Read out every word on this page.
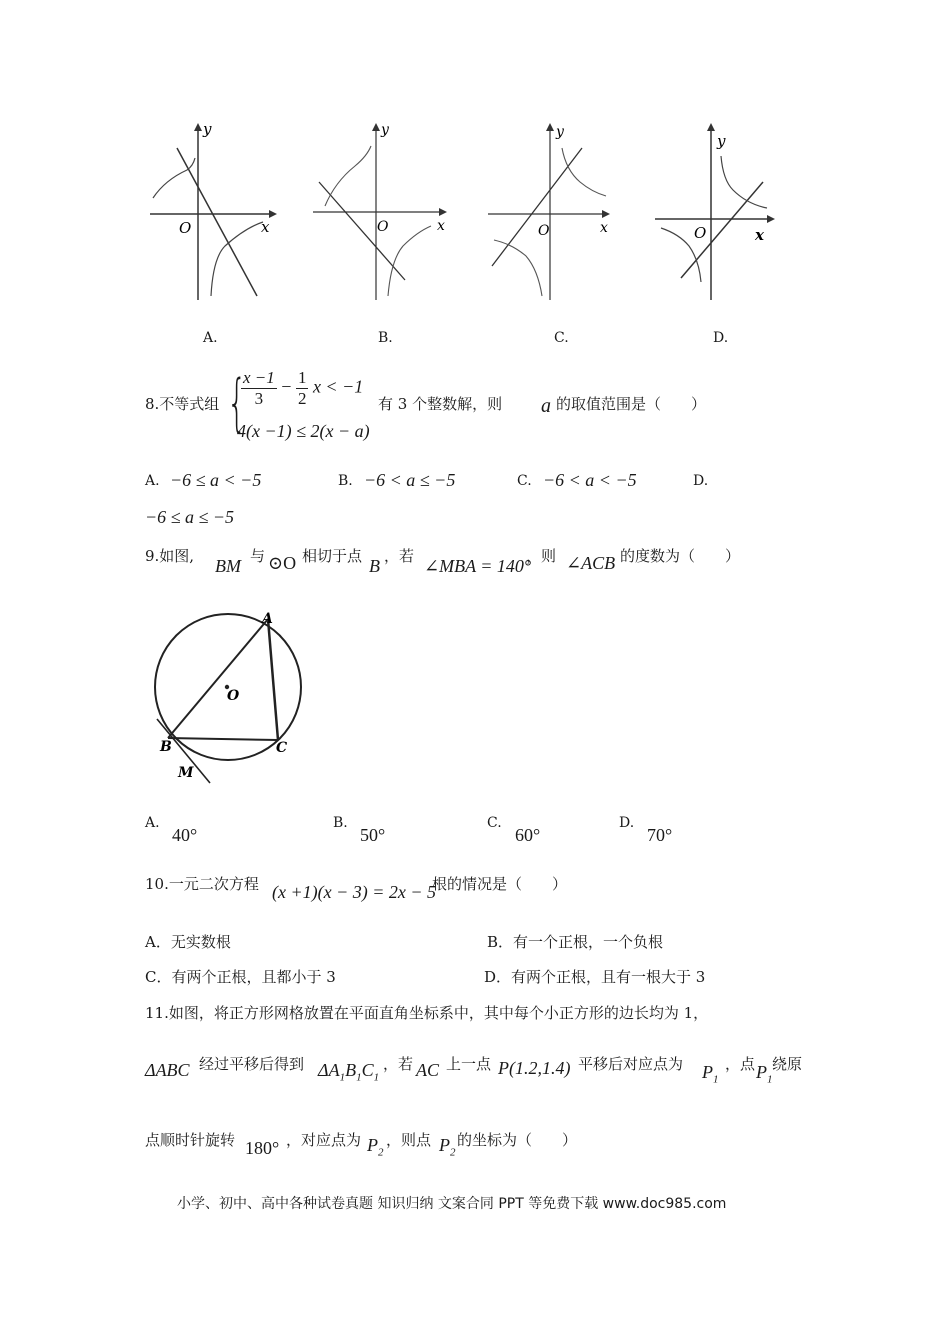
x
y
O	x
y
O	x
y
O	x
y
O
A.	B.	C.	D.
8.不等式组 {
$\frac{x -1}{3} - \frac{1}{2}$ x < −1
4(x −1) ≤ 2(x − a)
有 3 个整数解，则 a 的取值范围是（　　）
A. −6 ≤ a < −5	B. −6 < a ≤ −5	C. −6 < a < −5	D.
−6 ≤ a ≤ −5
9.如图, BM 与 ⊙O 相切于点 B ，若 ∠MBA = 140°
，则 ∠ACB 的度数为（　　）
A
O
B	C
M
A.
40°
B.
50°
C.
60°
D.
70°
10.一元二次方程 (x +1)(x − 3) = 2x − 5
根的情况是（　　）
A．无实数根	B．有一个正根，一个负根
C．有两个正根，且都小于 3	D．有两个正根，且有一根大于 3
11.如图，将正方形网格放置在平面直角坐标系中，其中每个小正方形的边长均为 1，
ΔABC 经过平移后得到 $\Delta A_1B_1C_1$
，若 AC 上一点 P(1.2,1.4) 平移后对应点为 $P_1$
，点 $P_1$
绕原
点顺时针旋转 180° ，对应点为 $P_2$
，则点 $P_2$
的坐标为（　　）
小学、初中、高中各种试卷真题 知识归纳 文案合同 PPT 等免费下载 www.doc985.com
